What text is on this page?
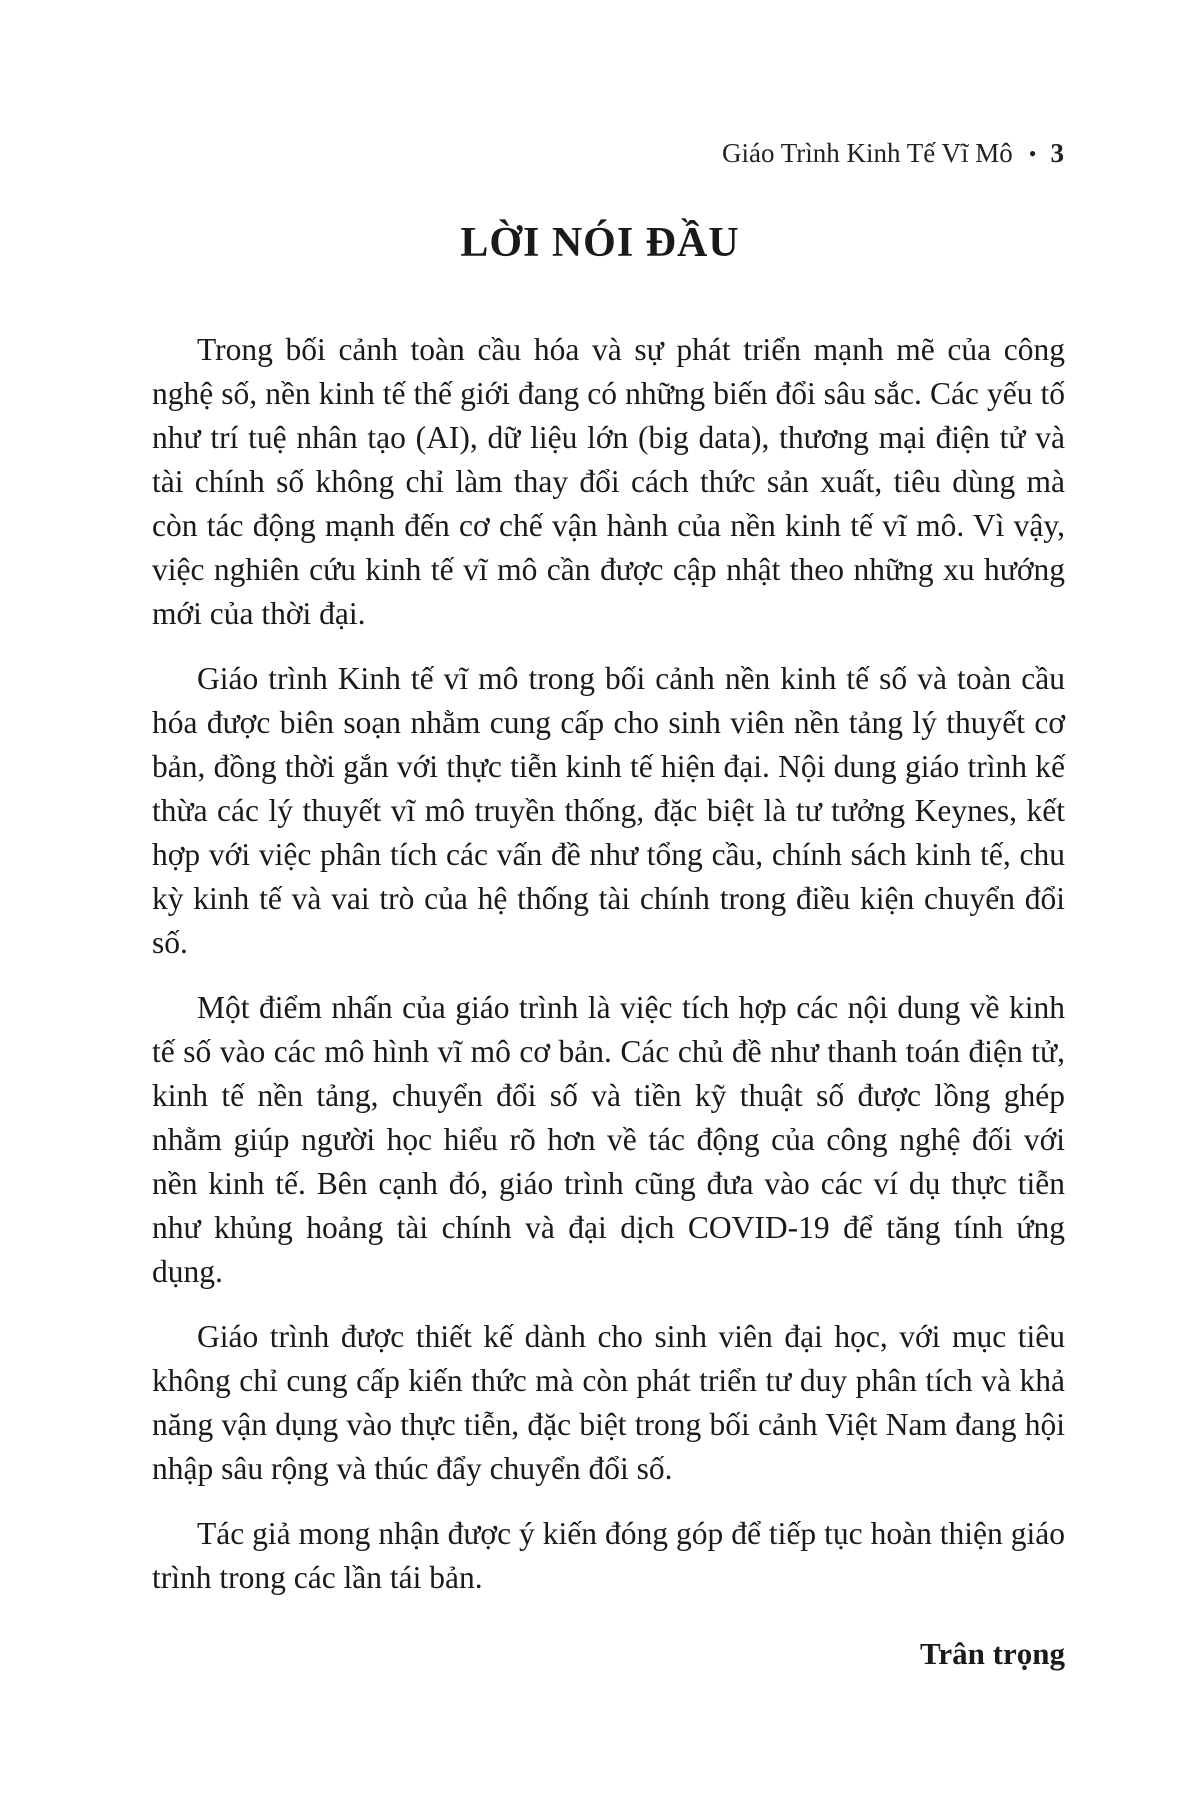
Giáo Trình Kinh Tế Vĩ Mô • 3
LỜI NÓI ĐẦU

Trong bối cảnh toàn cầu hóa và sự phát triển mạnh mẽ của công nghệ số, nền kinh tế thế giới đang có những biến đổi sâu sắc. Các yếu tố như trí tuệ nhân tạo (AI), dữ liệu lớn (big data), thương mại điện tử và tài chính số không chỉ làm thay đổi cách thức sản xuất, tiêu dùng mà còn tác động mạnh đến cơ chế vận hành của nền kinh tế vĩ mô. Vì vậy, việc nghiên cứu kinh tế vĩ mô cần được cập nhật theo những xu hướng mới của thời đại.

Giáo trình Kinh tế vĩ mô trong bối cảnh nền kinh tế số và toàn cầu hóa được biên soạn nhằm cung cấp cho sinh viên nền tảng lý thuyết cơ bản, đồng thời gắn với thực tiễn kinh tế hiện đại. Nội dung giáo trình kế thừa các lý thuyết vĩ mô truyền thống, đặc biệt là tư tưởng Keynes, kết hợp với việc phân tích các vấn đề như tổng cầu, chính sách kinh tế, chu kỳ kinh tế và vai trò của hệ thống tài chính trong điều kiện chuyển đổi số.

Một điểm nhấn của giáo trình là việc tích hợp các nội dung về kinh tế số vào các mô hình vĩ mô cơ bản. Các chủ đề như thanh toán điện tử, kinh tế nền tảng, chuyển đổi số và tiền kỹ thuật số được lồng ghép nhằm giúp người học hiểu rõ hơn về tác động của công nghệ đối với nền kinh tế. Bên cạnh đó, giáo trình cũng đưa vào các ví dụ thực tiễn như khủng hoảng tài chính và đại dịch COVID-19 để tăng tính ứng dụng.

Giáo trình được thiết kế dành cho sinh viên đại học, với mục tiêu không chỉ cung cấp kiến thức mà còn phát triển tư duy phân tích và khả năng vận dụng vào thực tiễn, đặc biệt trong bối cảnh Việt Nam đang hội nhập sâu rộng và thúc đẩy chuyển đổi số.

Tác giả mong nhận được ý kiến đóng góp để tiếp tục hoàn thiện giáo trình trong các lần tái bản.

Trân trọng
